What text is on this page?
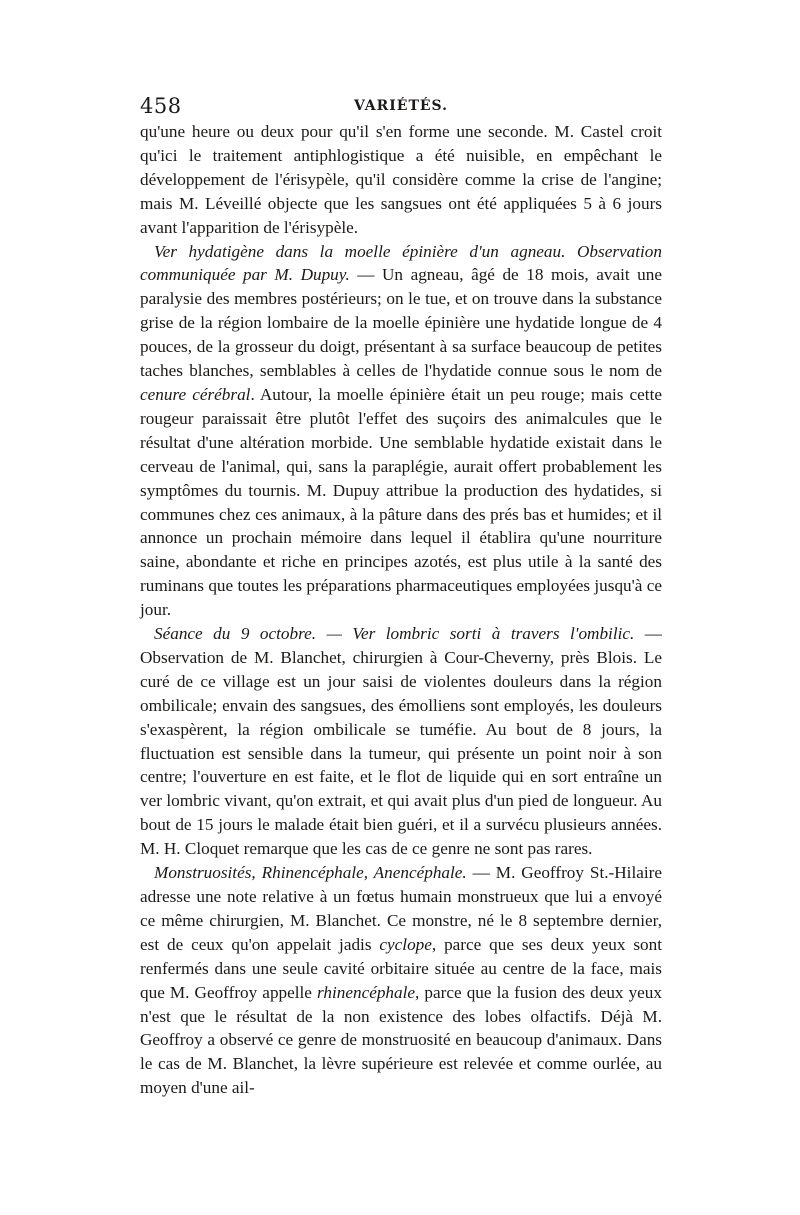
458	VARIÉTÉS.

qu'une heure ou deux pour qu'il s'en forme une seconde. M. Castel croit qu'ici le traitement antiphlogistique a été nuisible, en empêchant le développement de l'érisypèle, qu'il considère comme la crise de l'angine; mais M. Léveillé objecte que les sangsues ont été appliquées 5 à 6 jours avant l'apparition de l'érisypèle.

Ver hydatigène dans la moelle épinière d'un agneau. Observation communiquée par M. Dupuy. — Un agneau, âgé de 18 mois, avait une paralysie des membres postérieurs; on le tue, et on trouve dans la substance grise de la région lombaire de la moelle épinière une hydatide longue de 4 pouces, de la grosseur du doigt, présentant à sa surface beaucoup de petites taches blanches, semblables à celles de l'hydatide connue sous le nom de cenure cérébral. Autour, la moelle épinière était un peu rouge; mais cette rougeur paraissait être plutôt l'effet des suçoirs des animalcules que le résultat d'une altération morbide. Une semblable hydatide existait dans le cerveau de l'animal, qui, sans la paraplégie, aurait offert probablement les symptômes du tournis. M. Dupuy attribue la production des hydatides, si communes chez ces animaux, à la pâture dans des prés bas et humides; et il annonce un prochain mémoire dans lequel il établira qu'une nourriture saine, abondante et riche en principes azotés, est plus utile à la santé des ruminans que toutes les préparations pharmaceutiques employées jusqu'à ce jour.

Séance du 9 octobre. — Ver lombric sorti à travers l'ombilic. — Observation de M. Blanchet, chirurgien à Cour-Cheverny, près Blois. Le curé de ce village est un jour saisi de violentes douleurs dans la région ombilicale; envain des sangsues, des émolliens sont employés, les douleurs s'exaspèrent, la région ombilicale se tuméfie. Au bout de 8 jours, la fluctuation est sensible dans la tumeur, qui présente un point noir à son centre; l'ouverture en est faite, et le flot de liquide qui en sort entraîne un ver lombric vivant, qu'on extrait, et qui avait plus d'un pied de longueur. Au bout de 15 jours le malade était bien guéri, et il a survécu plusieurs années. M. H. Cloquet remarque que les cas de ce genre ne sont pas rares.

Monstruosités, Rhinencéphale, Anencéphale. — M. Geoffroy St.-Hilaire adresse une note relative à un fœtus humain monstrueux que lui a envoyé ce même chirurgien, M. Blanchet. Ce monstre, né le 8 septembre dernier, est de ceux qu'on appelait jadis cyclope, parce que ses deux yeux sont renfermés dans une seule cavité orbitaire située au centre de la face, mais que M. Geoffroy appelle rhinencéphale, parce que la fusion des deux yeux n'est que le résultat de la non existence des lobes olfactifs. Déjà M. Geoffroy a observé ce genre de monstruosité en beaucoup d'animaux. Dans le cas de M. Blanchet, la lèvre supérieure est relevée et comme ourlée, au moyen d'une ail-
